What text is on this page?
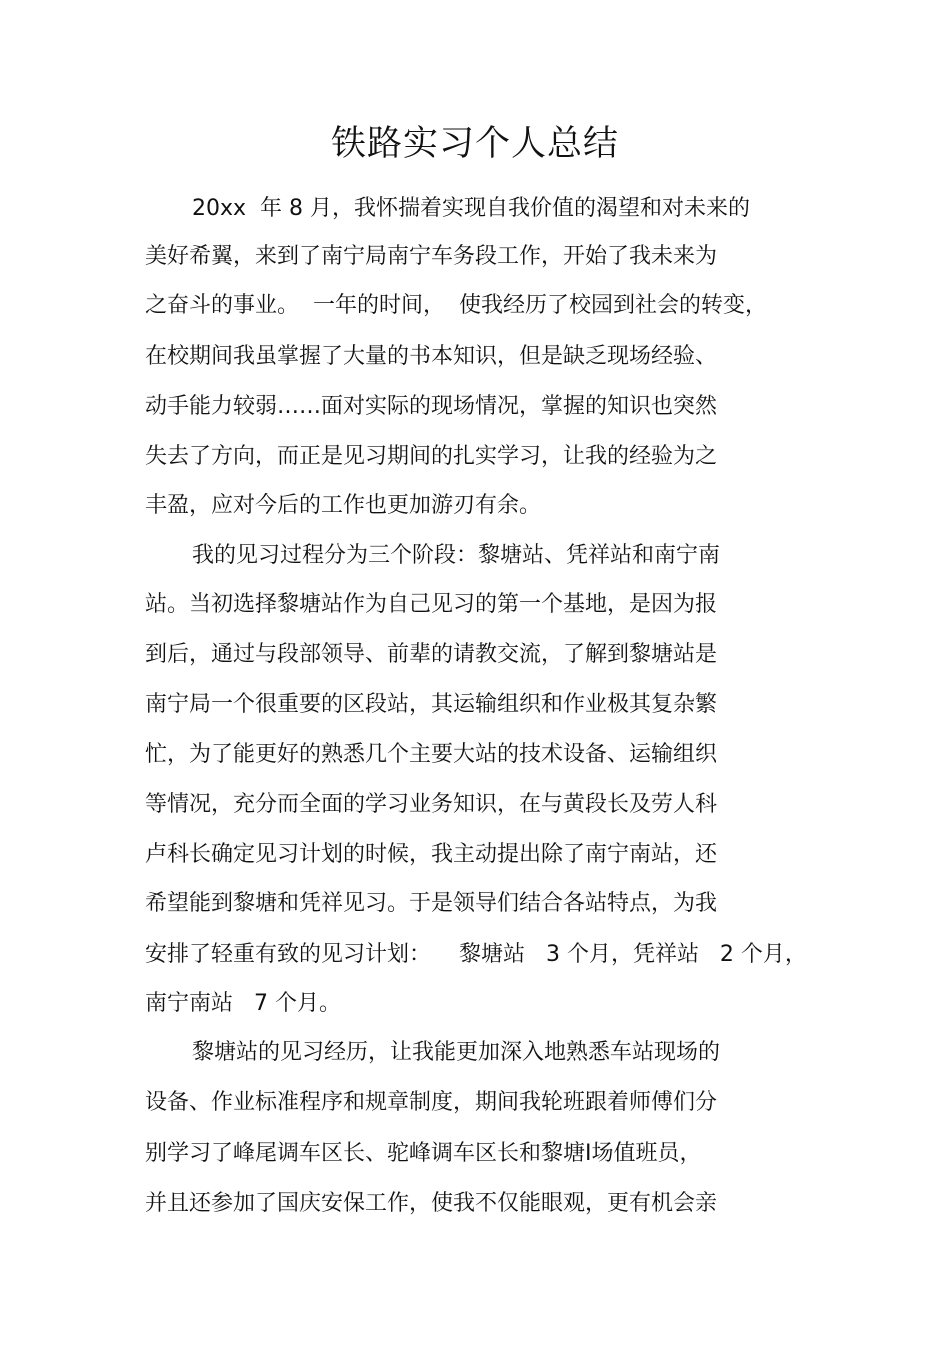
铁路实习个人总结
20xx  年 8 月，我怀揣着实现自我价值的渴望和对未来的
美好希翼，来到了南宁局南宁车务段工作，开始了我未来为
之奋斗的事业。  一年的时间，  使我经历了校园到社会的转变，
在校期间我虽掌握了大量的书本知识，但是缺乏现场经验、
动手能力较弱……面对实际的现场情况，掌握的知识也突然
失去了方向，而正是见习期间的扎实学习，让我的经验为之
丰盈，应对今后的工作也更加游刃有余。
我的见习过程分为三个阶段：黎塘站、凭祥站和南宁南
站。当初选择黎塘站作为自己见习的第一个基地，是因为报
到后，通过与段部领导、前辈的请教交流，了解到黎塘站是
南宁局一个很重要的区段站，其运输组织和作业极其复杂繁
忙，为了能更好的熟悉几个主要大站的技术设备、运输组织
等情况，充分而全面的学习业务知识，在与黄段长及劳人科
卢科长确定见习计划的时候，我主动提出除了南宁南站，还
希望能到黎塘和凭祥见习。于是领导们结合各站特点，为我
安排了轻重有致的见习计划：    黎塘站   3 个月，凭祥站   2 个月，
南宁南站   7 个月。
黎塘站的见习经历，让我能更加深入地熟悉车站现场的
设备、作业标准程序和规章制度，期间我轮班跟着师傅们分
别学习了峰尾调车区长、驼峰调车区长和黎塘Ⅰ场值班员，
并且还参加了国庆安保工作，使我不仅能眼观，更有机会亲
